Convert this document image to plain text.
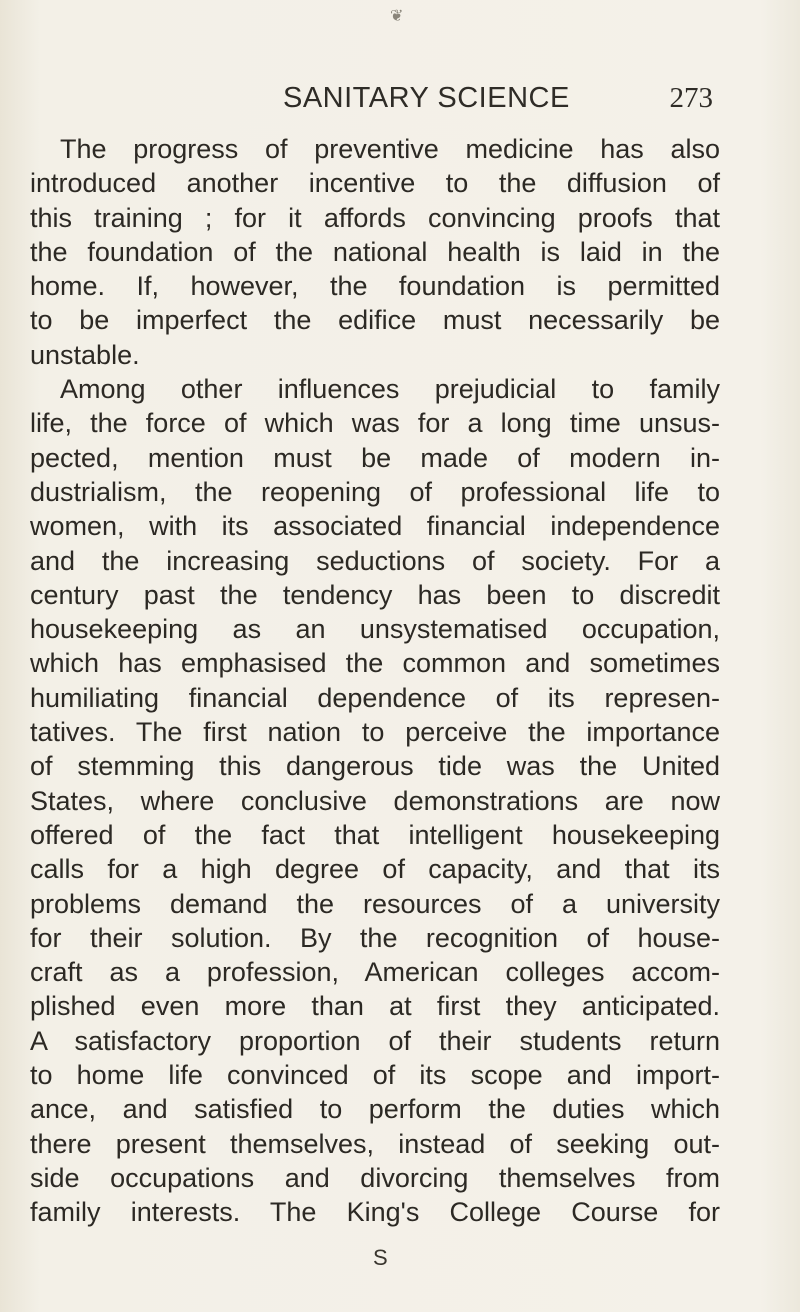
❦
SANITARY SCIENCE	273
The progress of preventive medicine has also
introduced another incentive to the diffusion of
this training ; for it affords convincing proofs that
the foundation of the national health is laid in the
home. If, however, the foundation is permitted
to be imperfect the edifice must necessarily be
unstable.
Among other influences prejudicial to family
life, the force of which was for a long time unsus-
pected, mention must be made of modern in-
dustrialism, the reopening of professional life to
women, with its associated financial independence
and the increasing seductions of society. For a
century past the tendency has been to discredit
housekeeping as an unsystematised occupation,
which has emphasised the common and sometimes
humiliating financial dependence of its represen-
tatives. The first nation to perceive the importance
of stemming this dangerous tide was the United
States, where conclusive demonstrations are now
offered of the fact that intelligent housekeeping
calls for a high degree of capacity, and that its
problems demand the resources of a university
for their solution. By the recognition of house-
craft as a profession, American colleges accom-
plished even more than at first they anticipated.
A satisfactory proportion of their students return
to home life convinced of its scope and import-
ance, and satisfied to perform the duties which
there present themselves, instead of seeking out-
side occupations and divorcing themselves from
family interests. The King's College Course for
S
